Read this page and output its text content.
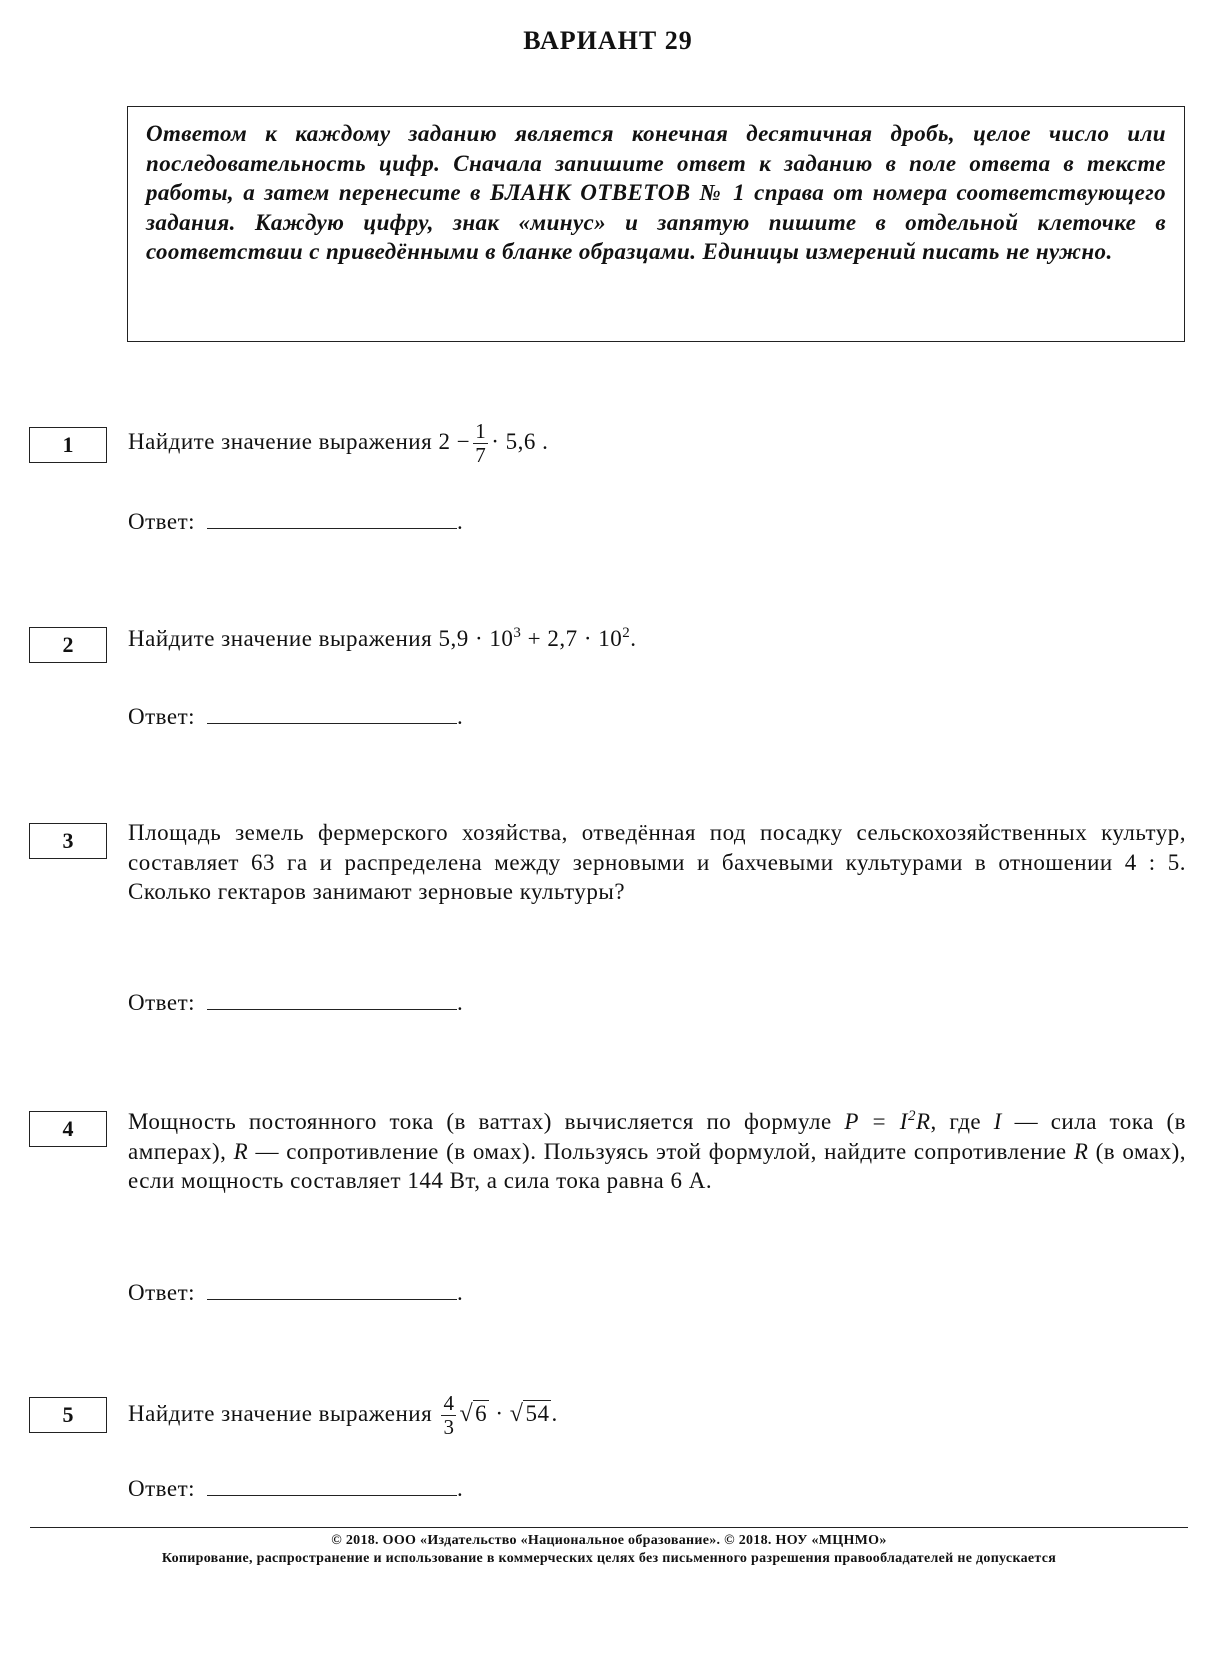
ВАРИАНТ 29
Ответом к каждому заданию является конечная десятичная дробь, целое число или последовательность цифр. Сначала запишите ответ к заданию в поле ответа в тексте работы, а затем перенесите в БЛАНК ОТВЕТОВ № 1 справа от номера соответствующего задания. Каждую цифру, знак «минус» и запятую пишите в отдельной клеточке в соответствии с приведёнными в бланке образцами. Единицы измерений писать не нужно.
1	Найдите значение выражения $2 - \frac{1}{7} \cdot 5,6$ .
Ответ:	.
2	Найдите значение выражения $5,9 \cdot 10^3 + 2,7 \cdot 10^2$.
Ответ:	.
3	Площадь земель фермерского хозяйства, отведённая под посадку сельскохозяйственных культур, составляет 63 га и распределена между зерновыми и бахчевыми культурами в отношении 4 : 5. Сколько гектаров занимают зерновые культуры?
Ответ:	.
4	Мощность постоянного тока (в ваттах) вычисляется по формуле $P = I^2R$, где I — сила тока (в амперах), R — сопротивление (в омах). Пользуясь этой формулой, найдите сопротивление R (в омах), если мощность составляет 144 Вт, а сила тока равна 6 А.
Ответ:	.
5	Найдите значение выражения $\frac{4}{3} √6 \cdot √54$.
Ответ:	.
© 2018. ООО «Издательство «Национальное образование». © 2018. НОУ «МЦНМО»
Копирование, распространение и использование в коммерческих целях без письменного разрешения правообладателей не допускается
